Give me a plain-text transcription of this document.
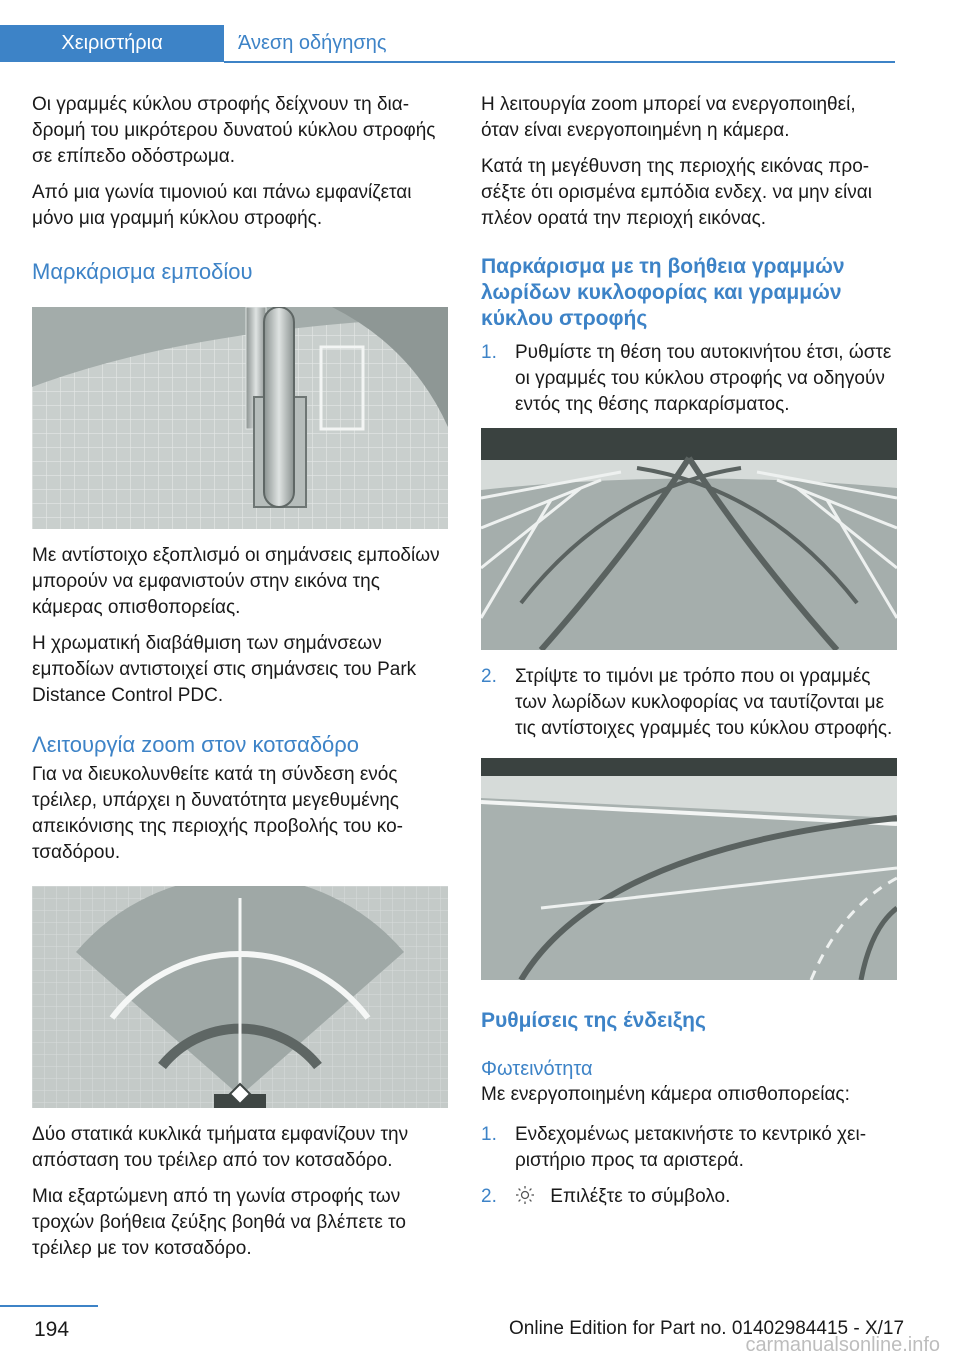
Χειριστήρια	Άνεση οδήγησης

Οι γραμμές κύκλου στροφής δείχνουν τη διαδρομή του μικρότερου δυνατού κύκλου στροφής σε επίπεδο οδόστρωμα.

Από μια γωνία τιμονιού και πάνω εμφανίζεται μόνο μια γραμμή κύκλου στροφής.

Μαρκάρισμα εμποδίου

Με αντίστοιχο εξοπλισμό οι σημάνσεις εμποδίων μπορούν να εμφανιστούν στην εικόνα της κάμερας οπισθοπορείας.

Η χρωματική διαβάθμιση των σημάνσεων εμποδίων αντιστοιχεί στις σημάνσεις του Park Distance Control PDC.

Λειτουργία zoom στον κοτσαδόρο

Για να διευκολυνθείτε κατά τη σύνδεση ενός τρέιλερ, υπάρχει η δυνατότητα μεγεθυμένης απεικόνισης της περιοχής προβολής του κοτσαδόρου.

Δύο στατικά κυκλικά τμήματα εμφανίζουν την απόσταση του τρέιλερ από τον κοτσαδόρο.

Μια εξαρτώμενη από τη γωνία στροφής των τροχών βοήθεια ζεύξης βοηθά να βλέπετε το τρέιλερ με τον κοτσαδόρο.

Η λειτουργία zoom μπορεί να ενεργοποιηθεί, όταν είναι ενεργοποιημένη η κάμερα.

Κατά τη μεγέθυνση της περιοχής εικόνας προσέξτε ότι ορισμένα εμπόδια ενδεχ. να μην είναι πλέον ορατά την περιοχή εικόνας.

Παρκάρισμα με τη βοήθεια γραμμών λωρίδων κυκλοφορίας και γραμμών κύκλου στροφής
1. Ρυθμίστε τη θέση του αυτοκινήτου έτσι, ώστε οι γραμμές του κύκλου στροφής να οδηγούν εντός της θέσης παρκαρίσματος.
2. Στρίψτε το τιμόνι με τρόπο που οι γραμμές των λωρίδων κυκλοφορίας να ταυτίζονται με τις αντίστοιχες γραμμές του κύκλου στροφής.
Ρυθμίσεις της ένδειξης
Φωτεινότητα

Με ενεργοποιημένη κάμερα οπισθοπορείας:

1. Ενδεχομένως μετακινήστε το κεντρικό χειριστήριο προς τα αριστερά.
2.	Επιλέξτε το σύμβολο.
194	Online Edition for Part no. 01402984415 - X/17
carmanualsonline.info
